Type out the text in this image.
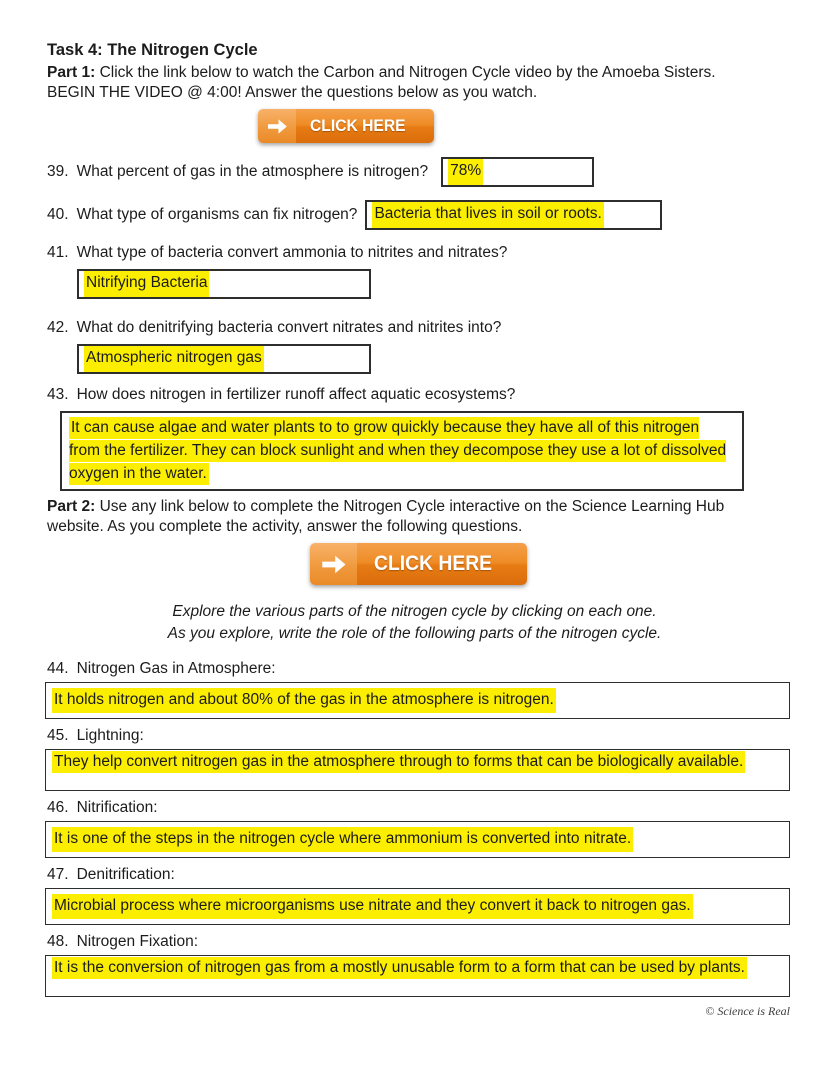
Task 4: The Nitrogen Cycle

Part 1: Click the link below to watch the Carbon and Nitrogen Cycle video by the Amoeba Sisters. BEGIN THE VIDEO @ 4:00! Answer the questions below as you watch.

CLICK HERE
39. What percent of gas in the atmosphere is nitrogen? 78%
40. What type of organisms can fix nitrogen? Bacteria that lives in soil or roots.
41. What type of bacteria convert ammonia to nitrites and nitrates?
Nitrifying Bacteria
42. What do denitrifying bacteria convert nitrates and nitrites into?
Atmospheric nitrogen gas
43. How does nitrogen in fertilizer runoff affect aquatic ecosystems?
It can cause algae and water plants to to grow quickly because they have all of this nitrogen from the fertilizer. They can block sunlight and when they decompose they use a lot of dissolved oxygen in the water.

Part 2: Use any link below to complete the Nitrogen Cycle interactive on the Science Learning Hub website. As you complete the activity, answer the following questions.

CLICK HERE
Explore the various parts of the nitrogen cycle by clicking on each one.
As you explore, write the role of the following parts of the nitrogen cycle.
44. Nitrogen Gas in Atmosphere:
It holds nitrogen and about 80% of the gas in the atmosphere is nitrogen.
45. Lightning:
They help convert nitrogen gas in the atmosphere through to forms that can be biologically available.
46. Nitrification:
It is one of the steps in the nitrogen cycle where ammonium is converted into nitrate.
47. Denitrification:
Microbial process where microorganisms use nitrate and they convert it back to nitrogen gas.
48. Nitrogen Fixation:
It is the conversion of nitrogen gas from a mostly unusable form to a form that can be used by plants.
© Science is Real
